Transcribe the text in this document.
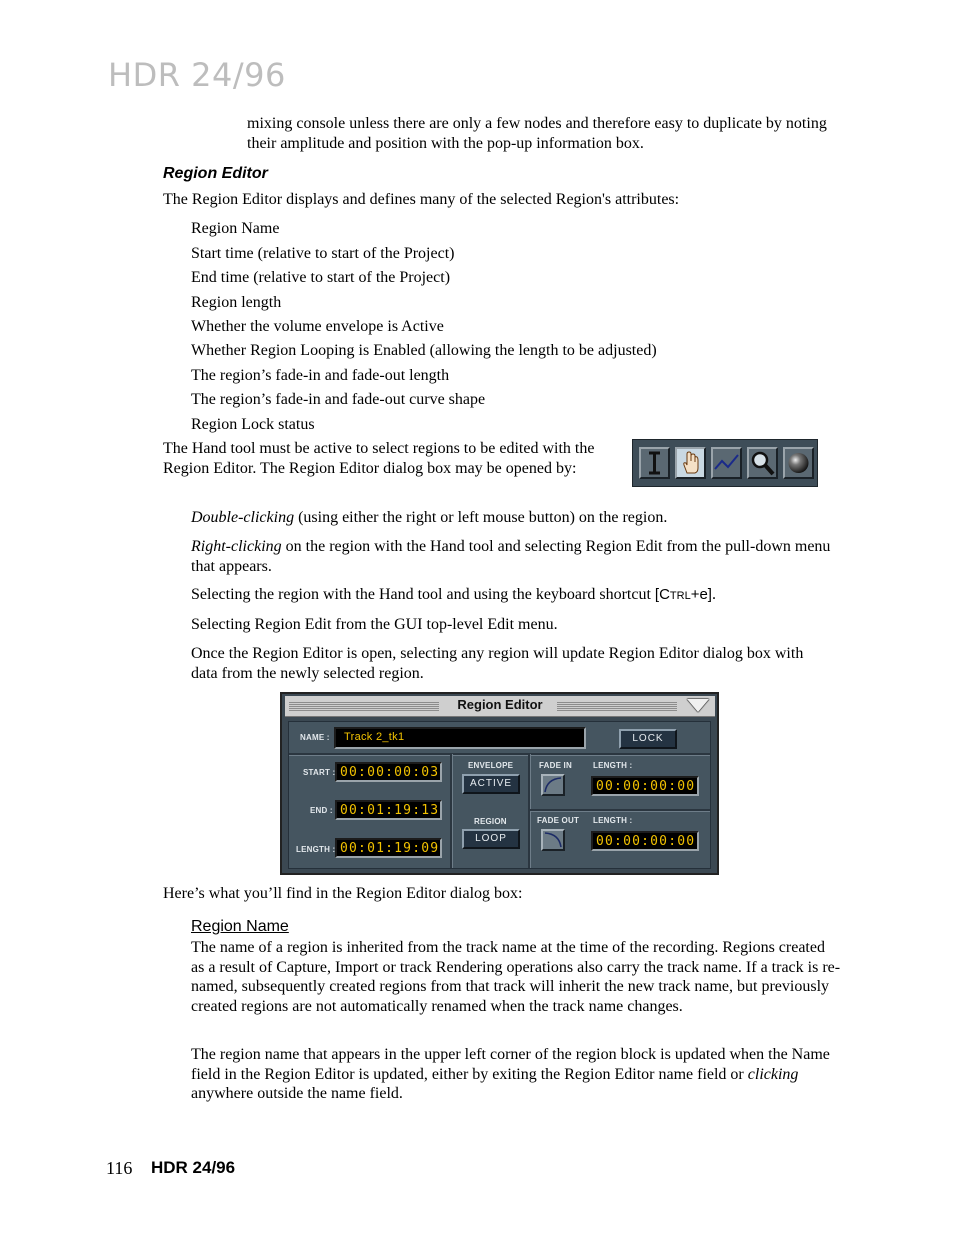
HDR 24/96
mixing console unless there are only a few nodes and therefore easy to duplicate by noting their amplitude and position with the pop-up information box.
Region Editor
The Region Editor displays and defines many of the selected Region's attributes:
Region Name
Start time (relative to start of the Project)
End time (relative to start of the Project)
Region length
Whether the volume envelope is Active
Whether Region Looping is Enabled (allowing the length to be adjusted)
The region’s fade-in and fade-out length
The region’s fade-in and fade-out curve shape
Region Lock status
The Hand tool must be active to select regions to be edited with the Region Editor. The Region Editor dialog box may be opened by:
Double-clicking (using either the right or left mouse button) on the region.
Right-clicking on the region with the Hand tool and selecting Region Edit from the pull-down menu that appears.
Selecting the region with the Hand tool and using the keyboard shortcut [CTRL+e].
Selecting Region Edit from the GUI top-level Edit menu.
Once the Region Editor is open, selecting any region will update Region Editor dialog box with data from the newly selected region.
Region Editor
NAME :	Track 2_tk1	LOCK
START : 00:00:00:03
END : 00:01:19:13
LENGTH : 00:01:19:09
ENVELOPE
ACTIVE
REGION
LOOP
FADE IN	LENGTH :
00:00:00:00
FADE OUT LENGTH :
00:00:00:00
Here’s what you’ll find in the Region Editor dialog box:
Region Name
The name of a region is inherited from the track name at the time of the recording. Regions created as a result of Capture, Import or track Rendering operations also carry the track name. If a track is re-named, subsequently created regions from that track will inherit the new track name, but previously created regions are not automatically renamed when the track name changes.
The region name that appears in the upper left corner of the region block is updated when the Name field in the Region Editor is updated, either by exiting the Region Editor name field or clicking anywhere outside the name field.
116 HDR 24/96
